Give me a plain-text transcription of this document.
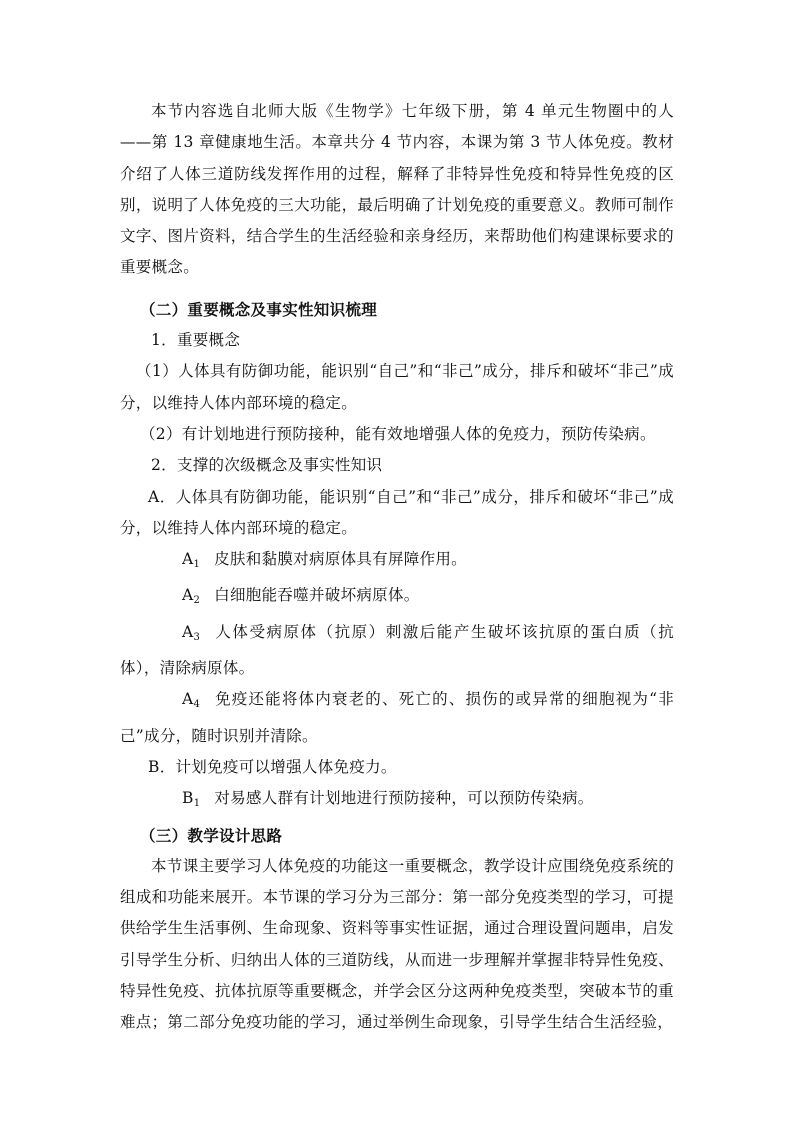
本节内容选自北师大版《生物学》七年级下册，第 4 单元生物圈中的人——第 13 章健康地生活。本章共分 4 节内容，本课为第 3 节人体免疫。教材介绍了人体三道防线发挥作用的过程，解释了非特异性免疫和特异性免疫的区别，说明了人体免疫的三大功能，最后明确了计划免疫的重要意义。教师可制作文字、图片资料，结合学生的生活经验和亲身经历，来帮助他们构建课标要求的重要概念。

（二）重要概念及事实性知识梳理

1．重要概念

（1）人体具有防御功能，能识别“自己”和“非己”成分，排斥和破坏“非己”成分，以维持人体内部环境的稳定。

（2）有计划地进行预防接种，能有效地增强人体的免疫力，预防传染病。

2．支撑的次级概念及事实性知识

A．人体具有防御功能，能识别“自己”和“非己”成分，排斥和破坏“非己”成分，以维持人体内部环境的稳定。

$A_1$ 皮肤和黏膜对病原体具有屏障作用。

$A_2$ 白细胞能吞噬并破坏病原体。

$A_3$ 人体受病原体（抗原）刺激后能产生破坏该抗原的蛋白质（抗体），清除病原体。

$A_4$ 免疫还能将体内衰老的、死亡的、损伤的或异常的细胞视为“非己”成分，随时识别并清除。

B．计划免疫可以增强人体免疫力。

$B_1$ 对易感人群有计划地进行预防接种，可以预防传染病。

（三）教学设计思路

本节课主要学习人体免疫的功能这一重要概念，教学设计应围绕免疫系统的组成和功能来展开。本节课的学习分为三部分：第一部分免疫类型的学习，可提供给学生生活事例、生命现象、资料等事实性证据，通过合理设置问题串，启发引导学生分析、归纳出人体的三道防线，从而进一步理解并掌握非特异性免疫、特异性免疫、抗体抗原等重要概念，并学会区分这两种免疫类型，突破本节的重难点；第二部分免疫功能的学习，通过举例生命现象，引导学生结合生活经验，
